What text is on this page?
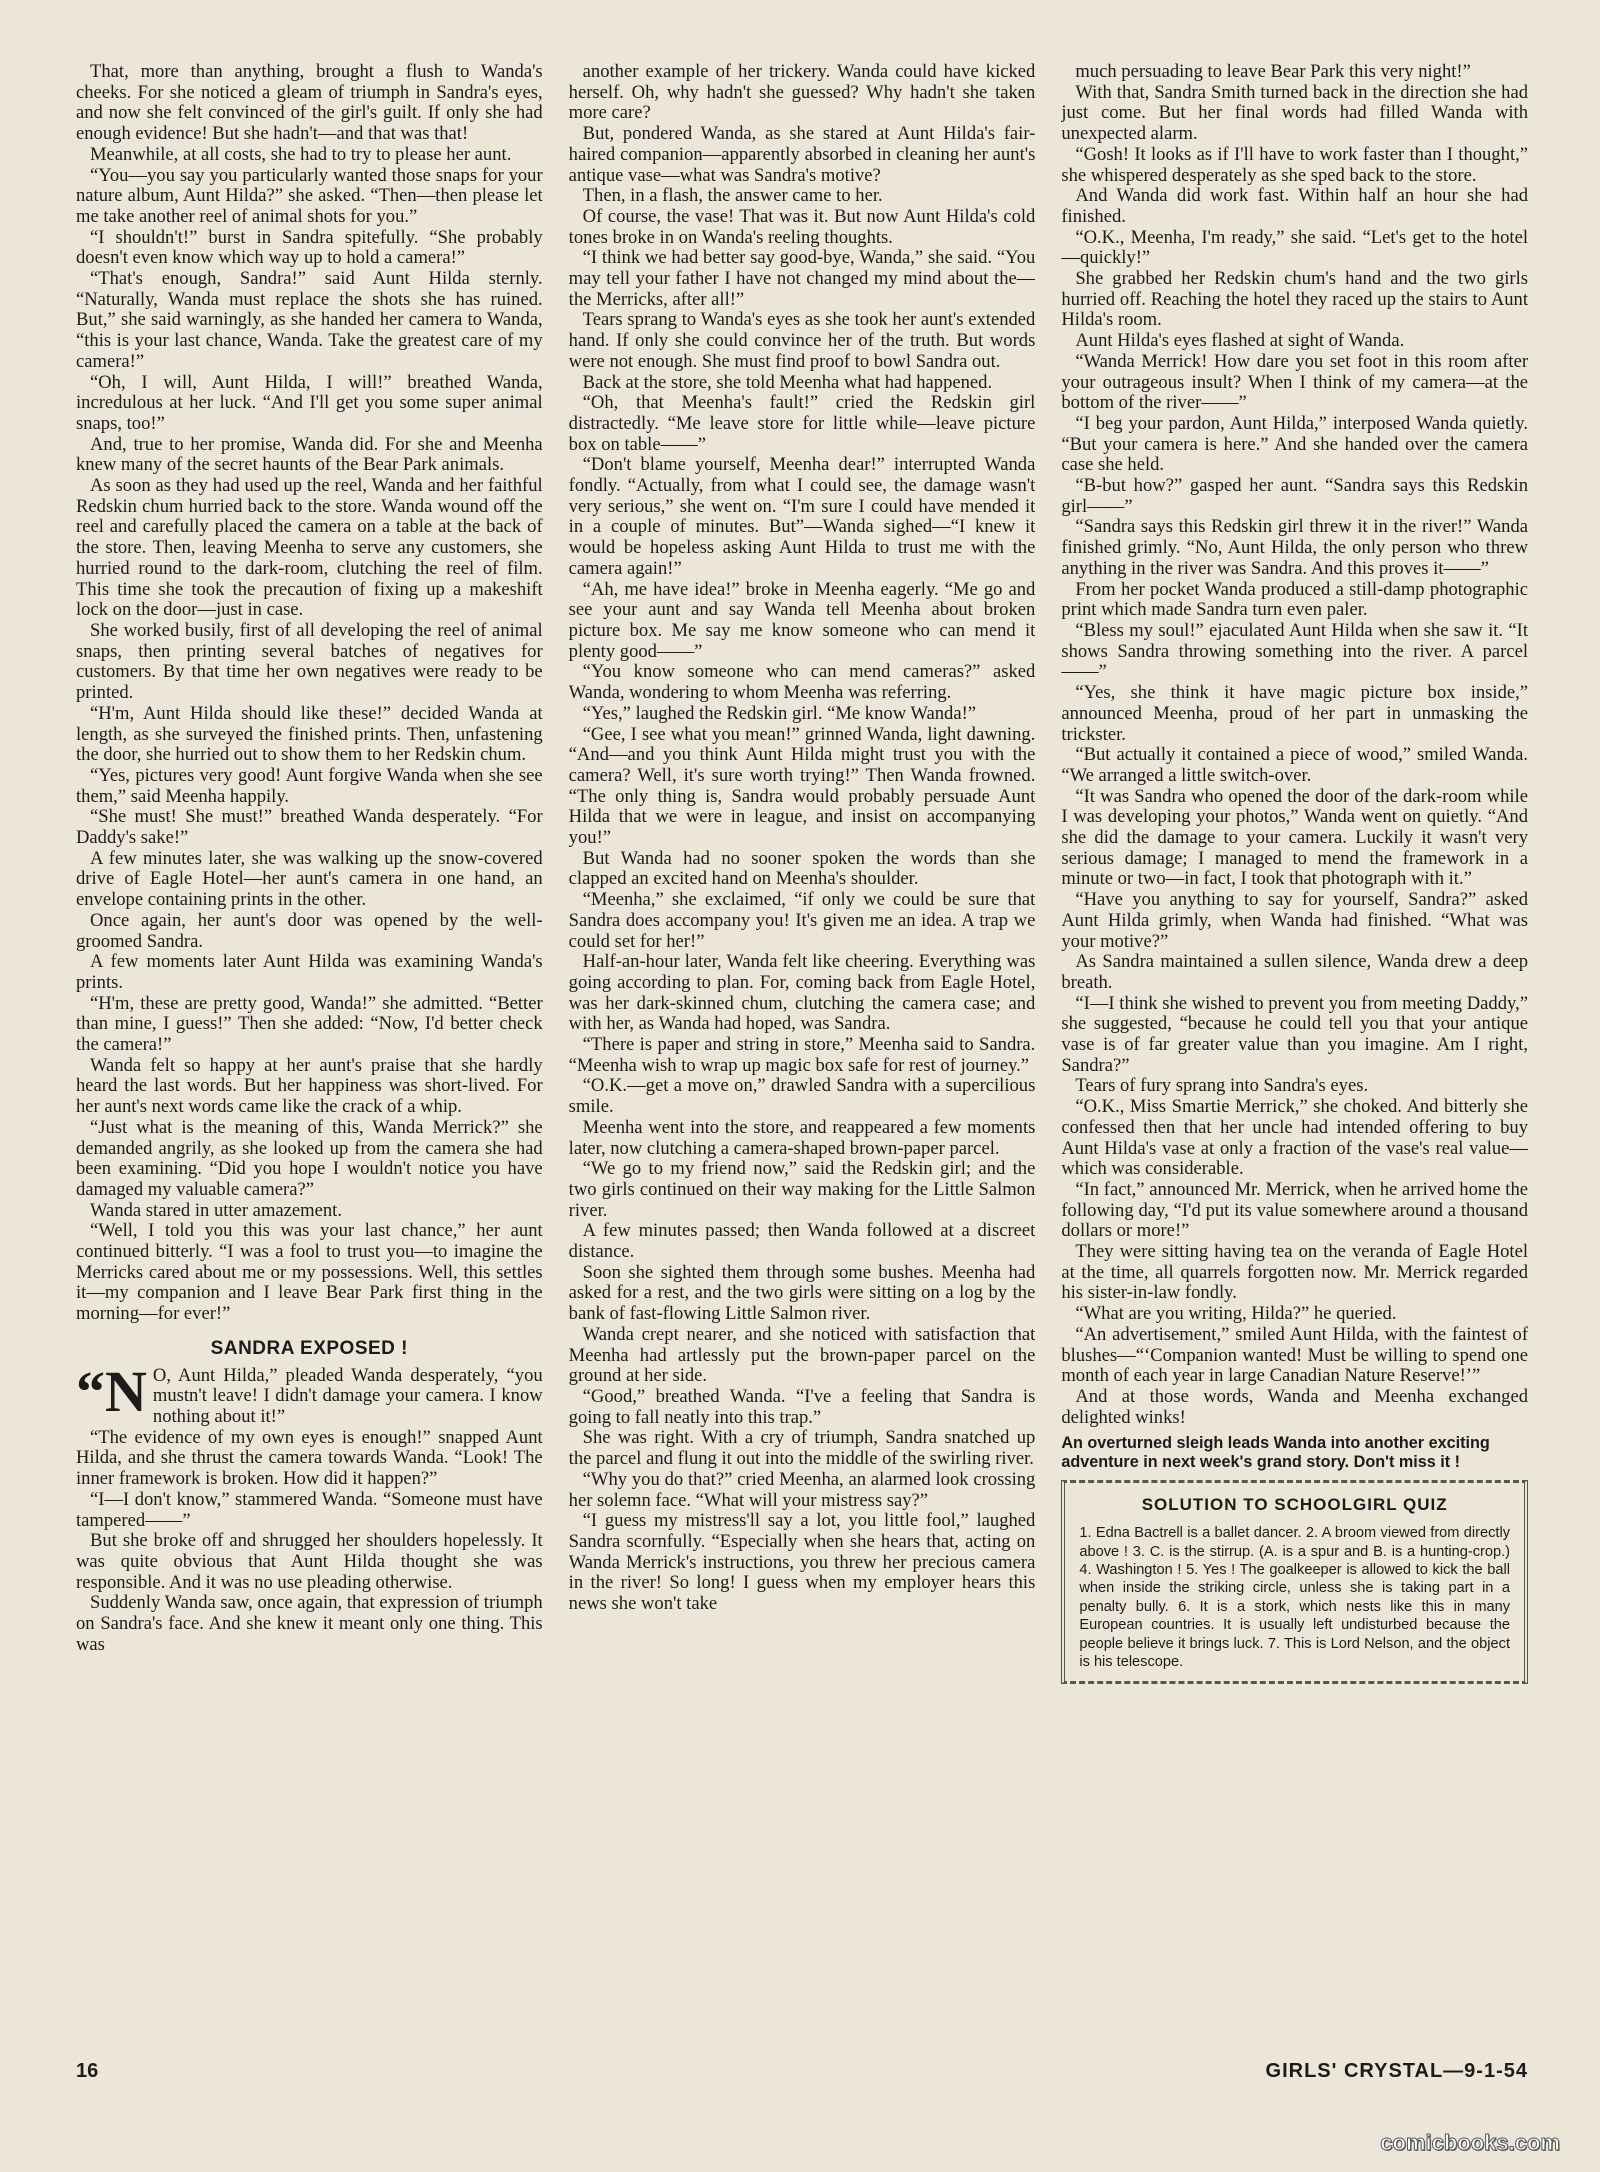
That, more than anything, brought a flush to Wanda's cheeks. For she noticed a gleam of triumph in Sandra's eyes, and now she felt convinced of the girl's guilt. If only she had enough evidence! But she hadn't—and that was that!

Meanwhile, at all costs, she had to try to please her aunt.

“You—you say you particularly wanted those snaps for your nature album, Aunt Hilda?” she asked. “Then—then please let me take another reel of animal shots for you.”

“I shouldn't!” burst in Sandra spitefully. “She probably doesn't even know which way up to hold a camera!”

“That's enough, Sandra!” said Aunt Hilda sternly. “Naturally, Wanda must replace the shots she has ruined. But,” she said warningly, as she handed her camera to Wanda, “this is your last chance, Wanda. Take the greatest care of my camera!”

“Oh, I will, Aunt Hilda, I will!” breathed Wanda, incredulous at her luck. “And I'll get you some super animal snaps, too!”

And, true to her promise, Wanda did. For she and Meenha knew many of the secret haunts of the Bear Park animals.

As soon as they had used up the reel, Wanda and her faithful Redskin chum hurried back to the store. Wanda wound off the reel and carefully placed the camera on a table at the back of the store. Then, leaving Meenha to serve any customers, she hurried round to the dark-room, clutching the reel of film. This time she took the precaution of fixing up a makeshift lock on the door—just in case.

She worked busily, first of all developing the reel of animal snaps, then printing several batches of negatives for customers. By that time her own negatives were ready to be printed.

“H'm, Aunt Hilda should like these!” decided Wanda at length, as she surveyed the finished prints. Then, unfastening the door, she hurried out to show them to her Redskin chum.

“Yes, pictures very good! Aunt forgive Wanda when she see them,” said Meenha happily.

“She must! She must!” breathed Wanda desperately. “For Daddy's sake!”

A few minutes later, she was walking up the snow-covered drive of Eagle Hotel—her aunt's camera in one hand, an envelope containing prints in the other.

Once again, her aunt's door was opened by the well-groomed Sandra.

A few moments later Aunt Hilda was examining Wanda's prints.

“H'm, these are pretty good, Wanda!” she admitted. “Better than mine, I guess!” Then she added: “Now, I'd better check the camera!”

Wanda felt so happy at her aunt's praise that she hardly heard the last words. But her happiness was short-lived. For her aunt's next words came like the crack of a whip.

“Just what is the meaning of this, Wanda Merrick?” she demanded angrily, as she looked up from the camera she had been examining. “Did you hope I wouldn't notice you have damaged my valuable camera?”

Wanda stared in utter amazement.

“Well, I told you this was your last chance,” her aunt continued bitterly. “I was a fool to trust you—to imagine the Merricks cared about me or my possessions. Well, this settles it—my companion and I leave Bear Park first thing in the morning—for ever!”

SANDRA EXPOSED !

“N O, Aunt Hilda,” pleaded Wanda desperately, “you mustn't leave! I didn't damage your camera. I know nothing about it!”

“The evidence of my own eyes is enough!” snapped Aunt Hilda, and she thrust the camera towards Wanda. “Look! The inner framework is broken. How did it happen?”

“I—I don't know,” stammered Wanda. “Someone must have tampered——”

But she broke off and shrugged her shoulders hopelessly. It was quite obvious that Aunt Hilda thought she was responsible. And it was no use pleading otherwise.

Suddenly Wanda saw, once again, that expression of triumph on Sandra's face. And she knew it meant only one thing. This was

another example of her trickery. Wanda could have kicked herself. Oh, why hadn't she guessed? Why hadn't she taken more care?

But, pondered Wanda, as she stared at Aunt Hilda's fair-haired companion—apparently absorbed in cleaning her aunt's antique vase—what was Sandra's motive?

Then, in a flash, the answer came to her.

Of course, the vase! That was it. But now Aunt Hilda's cold tones broke in on Wanda's reeling thoughts.

“I think we had better say good-bye, Wanda,” she said. “You may tell your father I have not changed my mind about the—the Merricks, after all!”

Tears sprang to Wanda's eyes as she took her aunt's extended hand. If only she could convince her of the truth. But words were not enough. She must find proof to bowl Sandra out.

Back at the store, she told Meenha what had happened.

“Oh, that Meenha's fault!” cried the Redskin girl distractedly. “Me leave store for little while—leave picture box on table——”

“Don't blame yourself, Meenha dear!” interrupted Wanda fondly. “Actually, from what I could see, the damage wasn't very serious,” she went on. “I'm sure I could have mended it in a couple of minutes. But”—Wanda sighed—“I knew it would be hopeless asking Aunt Hilda to trust me with the camera again!”

“Ah, me have idea!” broke in Meenha eagerly. “Me go and see your aunt and say Wanda tell Meenha about broken picture box. Me say me know someone who can mend it plenty good——”

“You know someone who can mend cameras?” asked Wanda, wondering to whom Meenha was referring.

“Yes,” laughed the Redskin girl. “Me know Wanda!”

“Gee, I see what you mean!” grinned Wanda, light dawning. “And—and you think Aunt Hilda might trust you with the camera? Well, it's sure worth trying!” Then Wanda frowned. “The only thing is, Sandra would probably persuade Aunt Hilda that we were in league, and insist on accompanying you!”

But Wanda had no sooner spoken the words than she clapped an excited hand on Meenha's shoulder.

“Meenha,” she exclaimed, “if only we could be sure that Sandra does accompany you! It's given me an idea. A trap we could set for her!”

Half-an-hour later, Wanda felt like cheering. Everything was going according to plan. For, coming back from Eagle Hotel, was her dark-skinned chum, clutching the camera case; and with her, as Wanda had hoped, was Sandra.

“There is paper and string in store,” Meenha said to Sandra. “Meenha wish to wrap up magic box safe for rest of journey.”

“O.K.—get a move on,” drawled Sandra with a supercilious smile.

Meenha went into the store, and reappeared a few moments later, now clutching a camera-shaped brown-paper parcel.

“We go to my friend now,” said the Redskin girl; and the two girls continued on their way making for the Little Salmon river.

A few minutes passed; then Wanda followed at a discreet distance.

Soon she sighted them through some bushes. Meenha had asked for a rest, and the two girls were sitting on a log by the bank of fast-flowing Little Salmon river.

Wanda crept nearer, and she noticed with satisfaction that Meenha had artlessly put the brown-paper parcel on the ground at her side.

“Good,” breathed Wanda. “I've a feeling that Sandra is going to fall neatly into this trap.”

She was right. With a cry of triumph, Sandra snatched up the parcel and flung it out into the middle of the swirling river.

“Why you do that?” cried Meenha, an alarmed look crossing her solemn face. “What will your mistress say?”

“I guess my mistress'll say a lot, you little fool,” laughed Sandra scornfully. “Especially when she hears that, acting on Wanda Merrick's instructions, you threw her precious camera in the river! So long! I guess when my employer hears this news she won't take

much persuading to leave Bear Park this very night!”

With that, Sandra Smith turned back in the direction she had just come. But her final words had filled Wanda with unexpected alarm.

“Gosh! It looks as if I'll have to work faster than I thought,” she whispered desperately as she sped back to the store.

And Wanda did work fast. Within half an hour she had finished.

“O.K., Meenha, I'm ready,” she said. “Let's get to the hotel—quickly!”

She grabbed her Redskin chum's hand and the two girls hurried off. Reaching the hotel they raced up the stairs to Aunt Hilda's room.

Aunt Hilda's eyes flashed at sight of Wanda.

“Wanda Merrick! How dare you set foot in this room after your outrageous insult? When I think of my camera—at the bottom of the river——”

“I beg your pardon, Aunt Hilda,” interposed Wanda quietly. “But your camera is here.” And she handed over the camera case she held.

“B-but how?” gasped her aunt. “Sandra says this Redskin girl——”

“Sandra says this Redskin girl threw it in the river!” Wanda finished grimly. “No, Aunt Hilda, the only person who threw anything in the river was Sandra. And this proves it——”

From her pocket Wanda produced a still-damp photographic print which made Sandra turn even paler.

“Bless my soul!” ejaculated Aunt Hilda when she saw it. “It shows Sandra throwing something into the river. A parcel——”

“Yes, she think it have magic picture box inside,” announced Meenha, proud of her part in unmasking the trickster.

“But actually it contained a piece of wood,” smiled Wanda. “We arranged a little switch-over.

“It was Sandra who opened the door of the dark-room while I was developing your photos,” Wanda went on quietly. “And she did the damage to your camera. Luckily it wasn't very serious damage; I managed to mend the framework in a minute or two—in fact, I took that photograph with it.”

“Have you anything to say for yourself, Sandra?” asked Aunt Hilda grimly, when Wanda had finished. “What was your motive?”

As Sandra maintained a sullen silence, Wanda drew a deep breath.

“I—I think she wished to prevent you from meeting Daddy,” she suggested, “because he could tell you that your antique vase is of far greater value than you imagine. Am I right, Sandra?”

Tears of fury sprang into Sandra's eyes.

“O.K., Miss Smartie Merrick,” she choked. And bitterly she confessed then that her uncle had intended offering to buy Aunt Hilda's vase at only a fraction of the vase's real value—which was considerable.

“In fact,” announced Mr. Merrick, when he arrived home the following day, “I'd put its value somewhere around a thousand dollars or more!”

They were sitting having tea on the veranda of Eagle Hotel at the time, all quarrels forgotten now. Mr. Merrick regarded his sister-in-law fondly.

“What are you writing, Hilda?” he queried.

“An advertisement,” smiled Aunt Hilda, with the faintest of blushes—“‘Companion wanted! Must be willing to spend one month of each year in large Canadian Nature Reserve!’”

And at those words, Wanda and Meenha exchanged delighted winks!

An overturned sleigh leads Wanda into another exciting adventure in next week's grand story. Don't miss it !
SOLUTION TO SCHOOLGIRL QUIZ
1. Edna Bactrell is a ballet dancer. 2. A broom viewed from directly above ! 3. C. is the stirrup. (A. is a spur and B. is a hunting-crop.) 4. Washington ! 5. Yes ! The goalkeeper is allowed to kick the ball when inside the striking circle, unless she is taking part in a penalty bully. 6. It is a stork, which nests like this in many European countries. It is usually left undisturbed because the people believe it brings luck. 7. This is Lord Nelson, and the object is his telescope.
16	GIRLS' CRYSTAL—9-1-54
comicbooks.com
